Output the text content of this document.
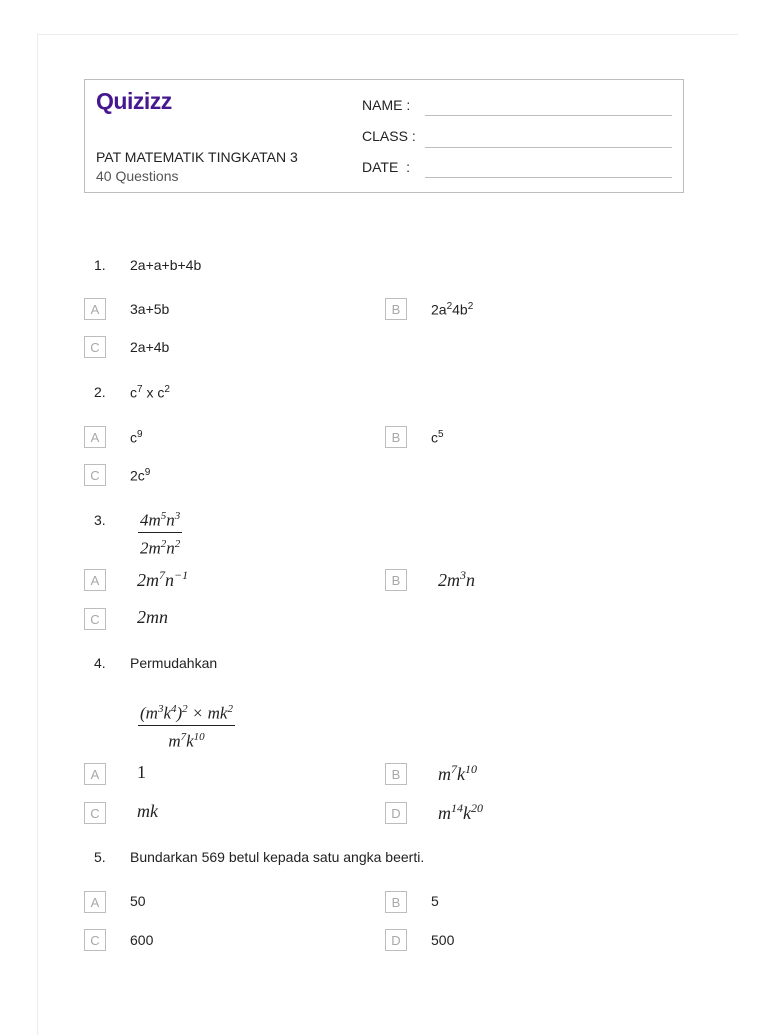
Quizizz
PAT MATEMATIK TINGKATAN 3
40 Questions
NAME :
CLASS :
DATE :
1. 2a+a+b+4b
A	3a+5b	B	$2a^24b^2$
C	2a+4b
2. $c^7$ x $c^2$
A	$c^9$	B	$c^5$
C	$2c^9$
3. $\frac{4m^5n^3}{2m^2n^2}$
A	$2m^7n^{-1}$	B	$2m^3n$
C	2mn
4. Permudahkan
$\frac{(m^3k^4)^2 \times mk^2}{m^7k^{10}}$
A	1	B	$m^7k^{10}$
C	mk	D	$m^{14}k^{20}$
5. Bundarkan 569 betul kepada satu angka beerti.
A	50	B	5
C	600	D	500
